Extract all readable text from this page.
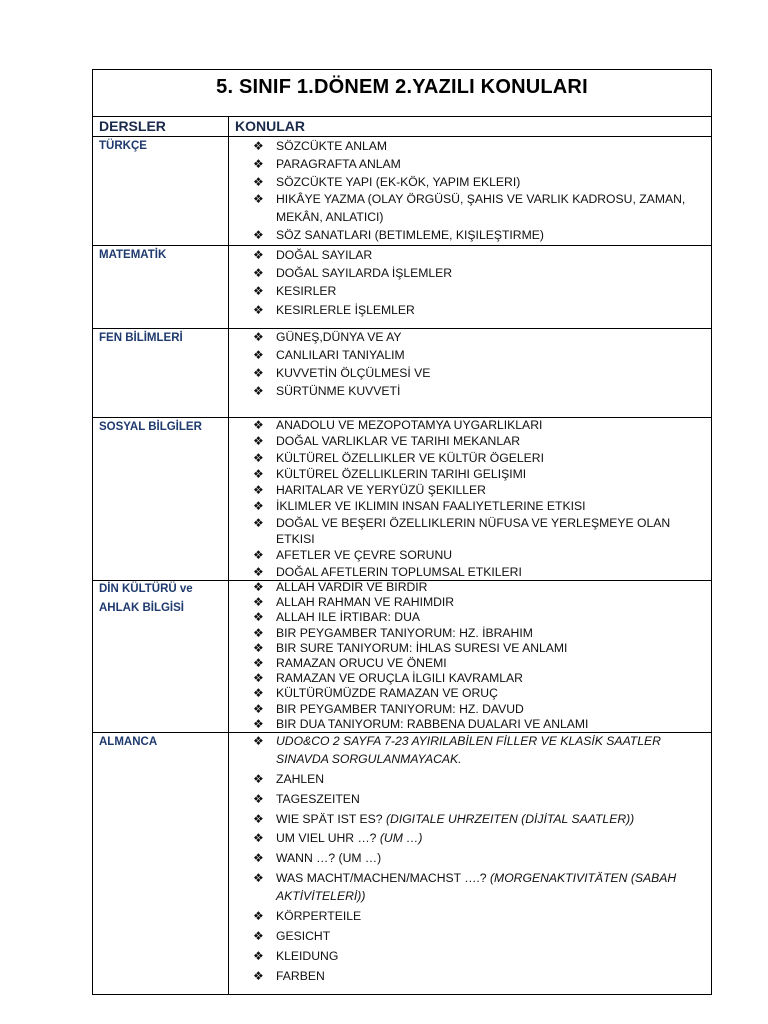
5. SINIF 1.DÖNEM 2.YAZILI KONULARI
DERSLER	KONULAR
TÜRKÇE	❖ SÖZCÜKTE ANLAM
❖ PARAGRAFTA ANLAM
❖ SÖZCÜKTE YAPI (EK-KÖK, YAPIM EKLERI)
❖ HIKÂYE YAZMA (OLAY ÖRGÜSÜ, ŞAHIS VE VARLIK KADROSU, ZAMAN, MEKÂN, ANLATICI)
❖ SÖZ SANATLARI (BETIMLEME, KIŞILEŞTIRME)
MATEMATİK	❖ DOĞAL SAYILAR
❖ DOĞAL SAYILARDA İŞLEMLER
❖ KESIRLER
❖ KESIRLERLE İŞLEMLER
FEN BİLİMLERİ	❖ GÜNEŞ,DÜNYA VE AY
❖ CANLILARI TANIYALIM
❖ KUVVETİN ÖLÇÜLMESİ VE
❖ SÜRTÜNME KUVVETİ
SOSYAL BİLGİLER	❖ ANADOLU VE MEZOPOTAMYA UYGARLIKLARI
❖ DOĞAL VARLIKLAR VE TARIHI MEKANLAR
❖ KÜLTÜREL ÖZELLIKLER VE KÜLTÜR ÖGELERI
❖ KÜLTÜREL ÖZELLIKLERIN TARIHI GELIŞIMI
❖ HARITALAR VE YERYÜZÜ ŞEKILLER
❖ İKLIMLER VE IKLIMIN INSAN FAALIYETLERINE ETKISI
❖ DOĞAL VE BEŞERI ÖZELLIKLERIN NÜFUSA VE YERLEŞMEYE OLAN ETKISI
❖ AFETLER VE ÇEVRE SORUNU
❖ DOĞAL AFETLERIN TOPLUMSAL ETKILERI
DİN KÜLTÜRÜ ve
AHLAK BİLGİSİ
❖ ALLAH VARDIR VE BIRDIR
❖ ALLAH RAHMAN VE RAHIMDIR
❖ ALLAH ILE İRTIBAR: DUA
❖ BIR PEYGAMBER TANIYORUM: HZ. İBRAHIM
❖ BIR SURE TANIYORUM: İHLAS SURESI VE ANLAMI
❖ RAMAZAN ORUCU VE ÖNEMI
❖ RAMAZAN VE ORUÇLA İLGILI KAVRAMLAR
❖ KÜLTÜRÜMÜZDE RAMAZAN VE ORUÇ
❖ BIR PEYGAMBER TANIYORUM: HZ. DAVUD
❖ BIR DUA TANIYORUM: RABBENA DUALARI VE ANLAMI
ALMANCA	❖ UDO&CO 2 SAYFA 7-23 AYIRILABİLEN FİLLER VE KLASİK SAATLER SINAVDA SORGULANMAYACAK.
❖ ZAHLEN
❖ TAGESZEITEN
❖ WIE SPÄT IST ES? (DIGITALE UHRZEITEN (DİJİTAL SAATLER))
❖ UM VIEL UHR …? (UM …)
❖ WANN …? (UM …)
❖ WAS MACHT/MACHEN/MACHST ….? (MORGENAKTIVITÄTEN (SABAH AKTİVİTELERİ))
❖ KÖRPERTEILE
❖ GESICHT
❖ KLEIDUNG
❖ FARBEN
